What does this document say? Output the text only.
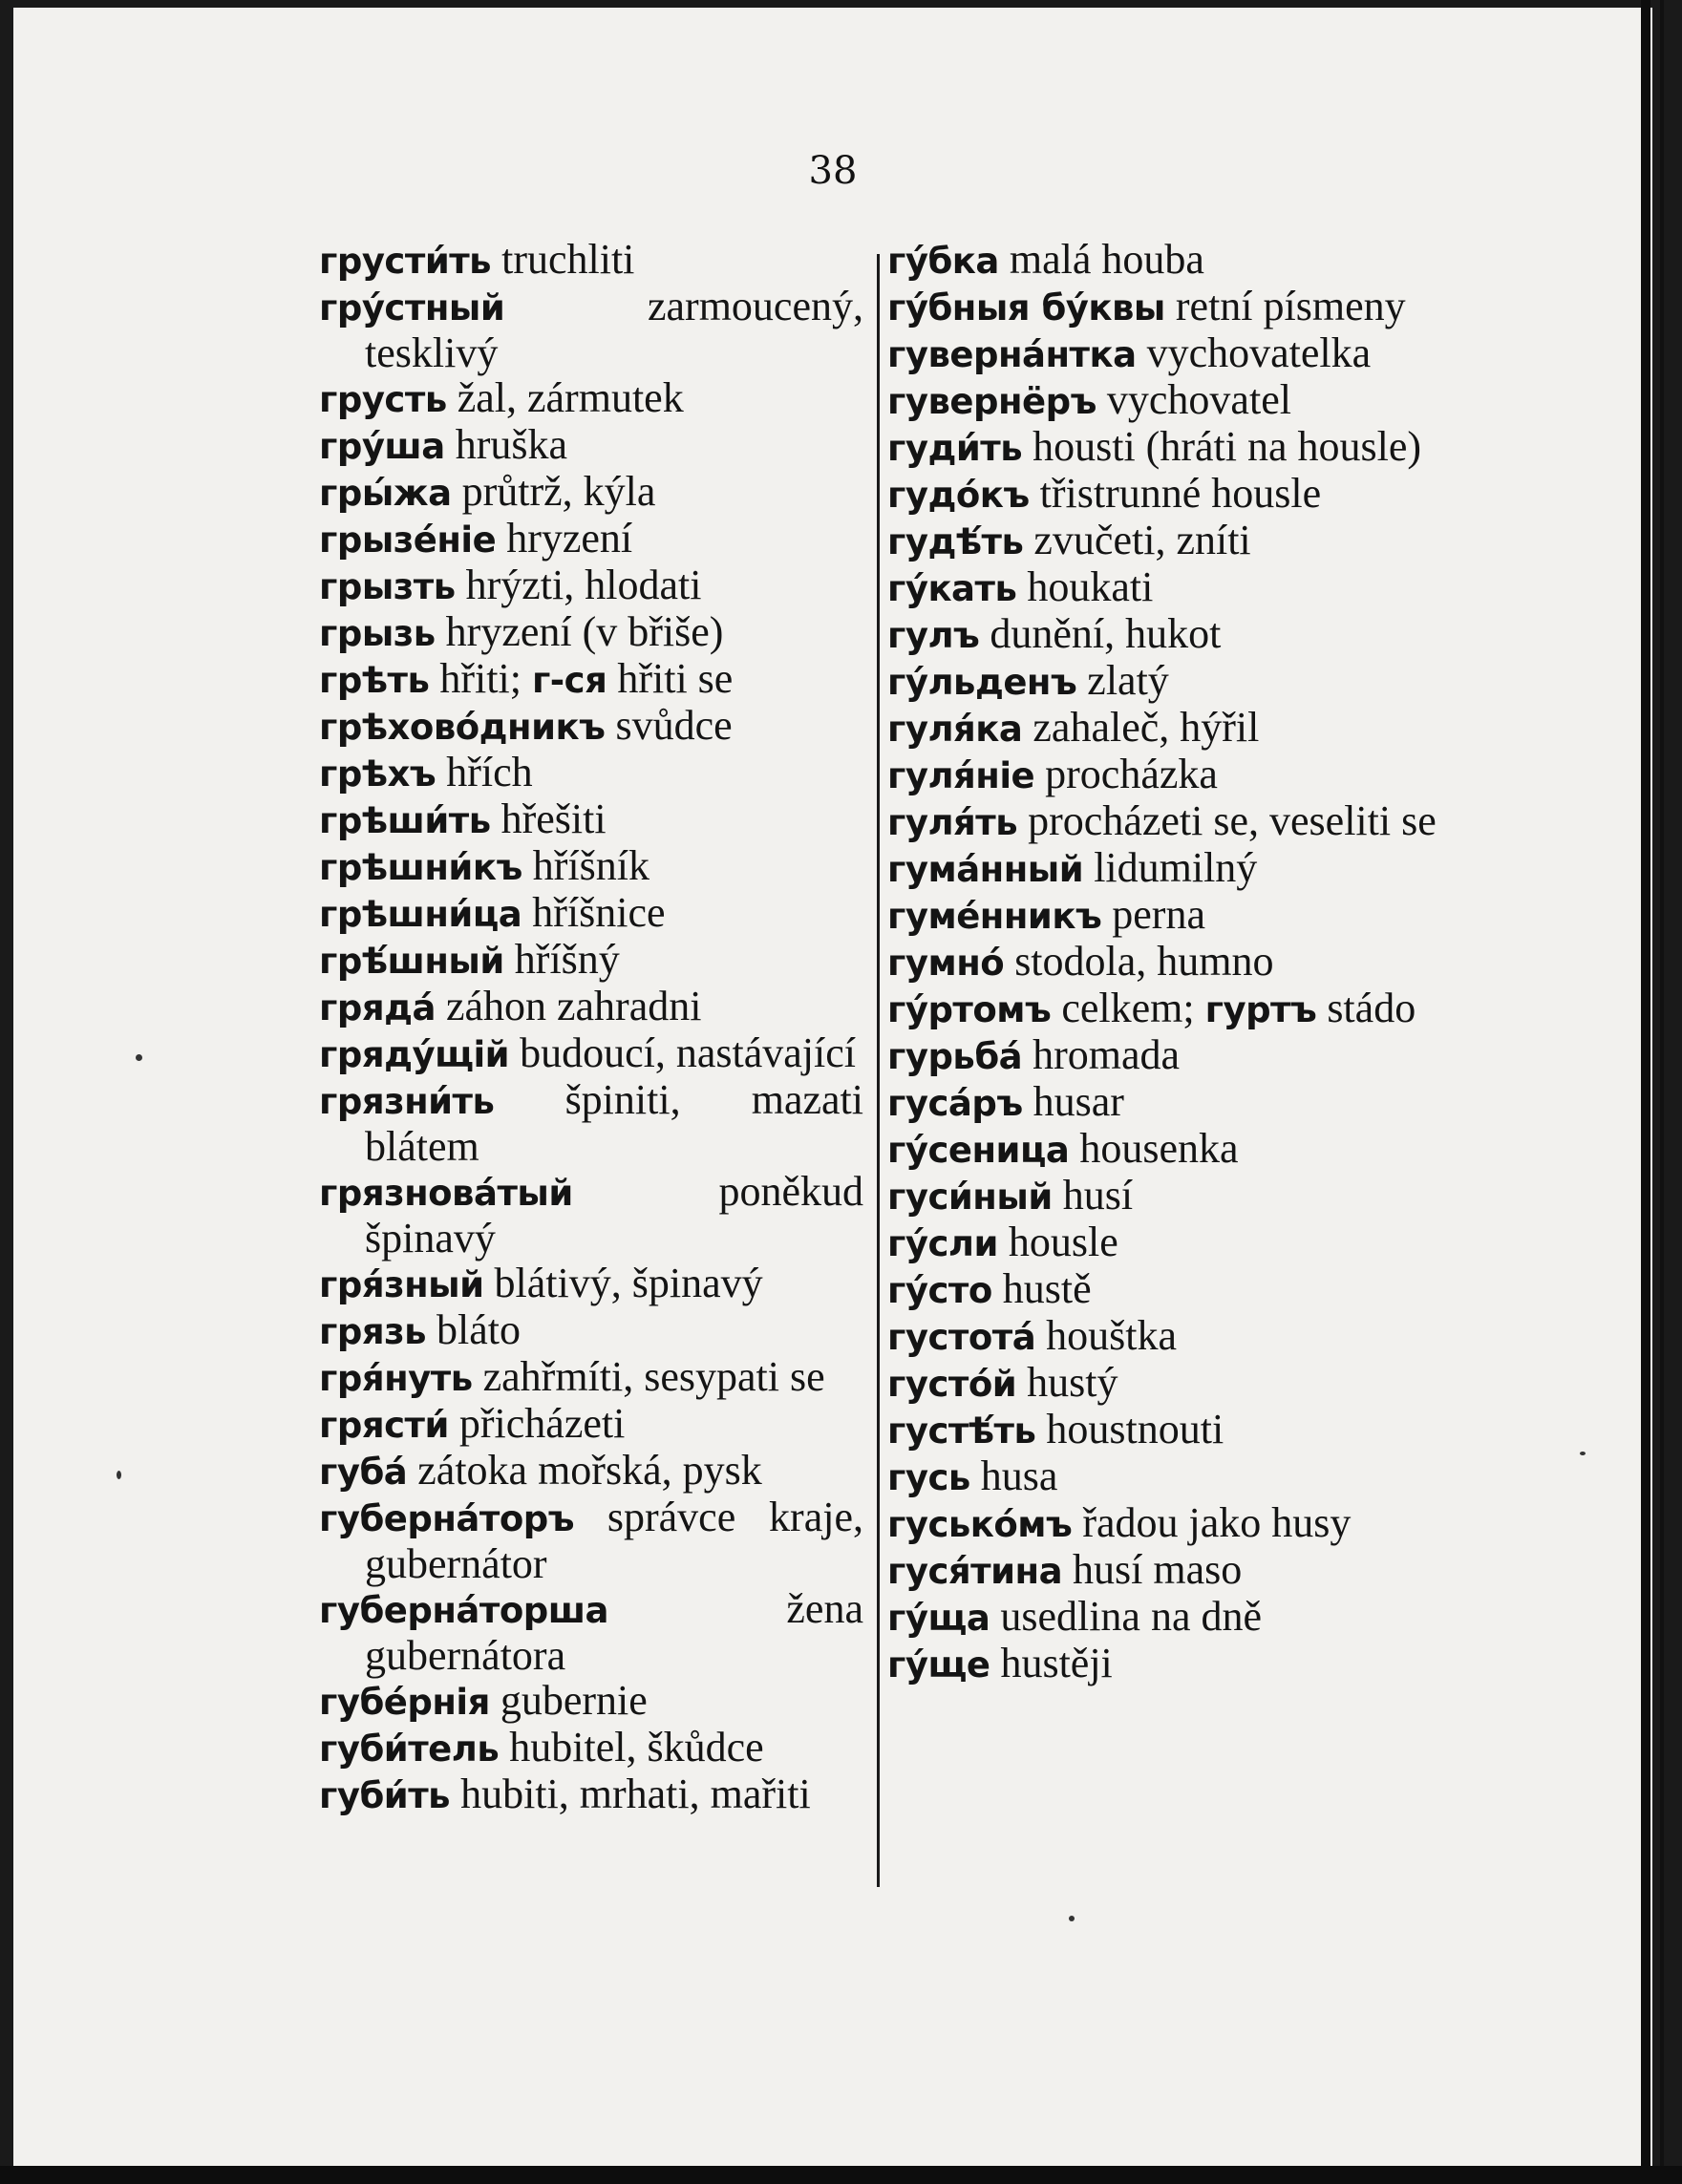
38

грусти́ть truchliti

гру́стный	zarmoucený, tesklivý

грусть žal, zármutek

гру́ша hruška

гры́жа průtrž, kýla

грызе́ніе hryzení

грызть hrýzti, hlodati

грызь hryzení (v břiše)

грѣть hřiti; г-ся hřiti se

грѣховóдникъ svůdce

грѣхъ hřích

грѣши́ть hřešiti

грѣшни́къ hříšník

грѣшни́ца hříšnice

грѣ́шный hříšný

гряда́ záhon zahradni

гряду́щій budoucí, nastávající

грязни́ть špiniti, mazati blátem

грязнова́тый	poněkud špinavý

гря́зный blátivý, špinavý

грязь bláto

гря́нуть zahřmíti, sesypati se

грясти́ přicházeti

губа́ zátoka mořská, pysk

губерна́торъ správce kraje, gubernátor

губерна́торша	žena gubernátora

губе́рнія gubernie

губи́тель hubitel, škůdce

губи́ть hubiti, mrhati, mařiti

гу́бка malá houba

гу́бныя бу́квы retní písmeny

гуверна́нтка vychovatelka

гувернёръ vychovatel

гуди́ть housti (hráti na housle)

гудóкъ třistrunné housle

гудѣ́ть zvučeti, zníti

гу́кать houkati

гулъ dunění, hukot

гу́льденъ zlatý

гуля́ка zahaleč, hýřil

гуля́ніе procházka

гуля́ть procházeti se, veseliti se

гума́нный lidumilný

гуме́нникъ perna

гумнó stodola, humno

гу́ртомъ celkem; гуртъ stádo

гурьба́ hromada

гуса́ръ husar

гу́сеница housenka

гуси́ный husí

гу́сли housle

гу́сто hustě

густота́ houštka

густóй hustý

густѣ́ть houstnouti

гусь husa

гуськóмъ řadou jako husy

гуся́тина husí maso

гу́ща usedlina na dně

гу́ще hustěji
